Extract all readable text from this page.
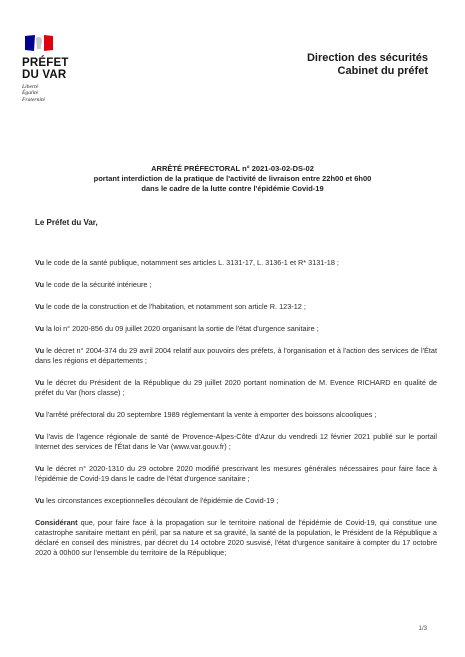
PRÉFET
DU VAR
Liberté
Égalité
Fraternité
Direction des sécurités
Cabinet du préfet
ARRÊTÉ PRÉFECTORAL n° 2021-03-02-DS-02
portant interdiction de la pratique de l'activité de livraison entre 22h00 et 6h00
dans le cadre de la lutte contre l'épidémie Covid-19
Le Préfet du Var,

Vu le code de la santé publique, notamment ses articles L. 3131-17, L. 3136-1 et R* 3131-18 ;

Vu le code de la sécurité intérieure ;

Vu le code de la construction et de l'habitation, et notamment son article R. 123-12 ;

Vu la loi n° 2020-856 du 09 juillet 2020 organisant la sortie de l'état d'urgence sanitaire ;

Vu le décret n° 2004-374 du 29 avril 2004 relatif aux pouvoirs des préfets, à l'organisation et à l'action des services de l'État dans les régions et départements ;

Vu le décret du Président de la République du 29 juillet 2020 portant nomination de M. Evence RICHARD en qualité de préfet du Var (hors classe) ;

Vu l'arrêté préfectoral du 20 septembre 1989 réglementant la vente à emporter des boissons alcooliques ;

Vu l'avis de l'agence régionale de santé de Provence-Alpes-Côte d'Azur du vendredi 12 février 2021 publié sur le portail Internet des services de l'État dans le Var (www.var.gouv.fr) ;

Vu le décret n° 2020-1310 du 29 octobre 2020 modifié prescrivant les mesures générales nécessaires pour faire face à l'épidémie de Covid-19 dans le cadre de l'état d'urgence sanitaire ;

Vu les circonstances exceptionnelles découlant de l'épidémie de Covid-19 ;

Considérant que, pour faire face à la propagation sur le territoire national de l'épidémie de Covid-19, qui constitue une catastrophe sanitaire mettant en péril, par sa nature et sa gravité, la santé de la population, le Président de la République a déclaré en conseil des ministres, par décret du 14 octobre 2020 susvisé, l'état d'urgence sanitaire à compter du 17 octobre 2020 à 00h00 sur l'ensemble du territoire de la République;

1/3
